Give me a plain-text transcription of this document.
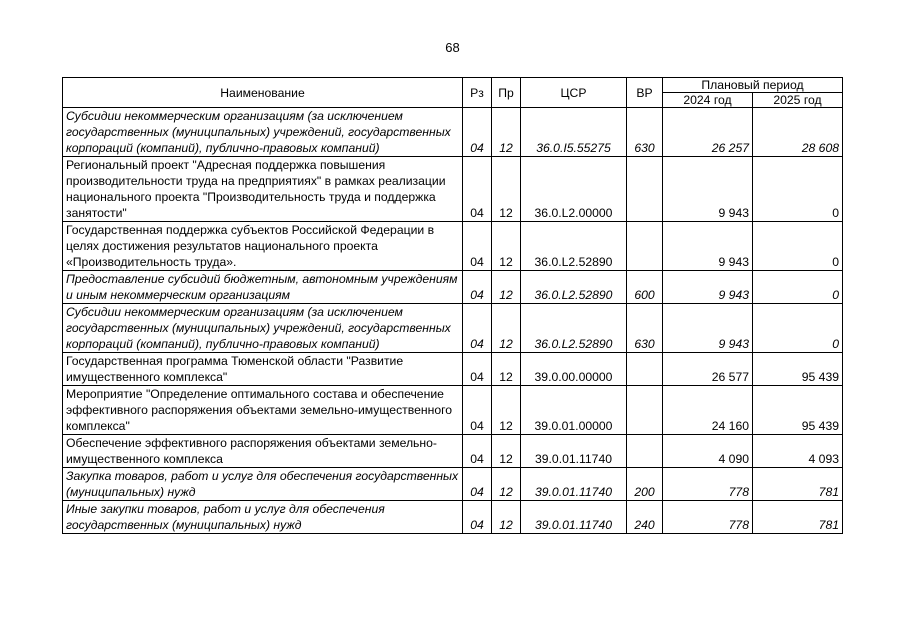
68
Наименование	Рз	Пр	ЦСР	ВР	Плановый период	
					2024 год	2025 год
Субсидии некоммерческим организациям (за исключением государственных (муниципальных) учреждений, государственных корпораций (компаний), публично-правовых компаний)	04	12	36.0.I5.55275	630	26 257	28 608
Региональный проект "Адресная поддержка повышения производительности труда на предприятиях" в рамках реализации национального проекта "Производительность труда и поддержка занятости"	04	12	36.0.L2.00000		9 943	0
Государственная поддержка субъектов Российской Федерации в целях достижения результатов национального проекта «Производительность труда».	04	12	36.0.L2.52890		9 943	0
Предоставление субсидий бюджетным, автономным учреждениям и иным некоммерческим организациям	04	12	36.0.L2.52890	600	9 943	0
Субсидии некоммерческим организациям (за исключением государственных (муниципальных) учреждений, государственных корпораций (компаний), публично-правовых компаний)	04	12	36.0.L2.52890	630	9 943	0
Государственная программа Тюменской области "Развитие имущественного комплекса"	04	12	39.0.00.00000		26 577	95 439
Мероприятие "Определение оптимального состава и обеспечение эффективного распоряжения объектами земельно-имущественного комплекса"	04	12	39.0.01.00000		24 160	95 439
Обеспечение эффективного распоряжения объектами земельно-имущественного комплекса	04	12	39.0.01.11740		4 090	4 093
Закупка товаров, работ и услуг для обеспечения государственных (муниципальных) нужд	04	12	39.0.01.11740	200	778	781
Иные закупки товаров, работ и услуг для обеспечения государственных (муниципальных) нужд	04	12	39.0.01.11740	240	778	781
